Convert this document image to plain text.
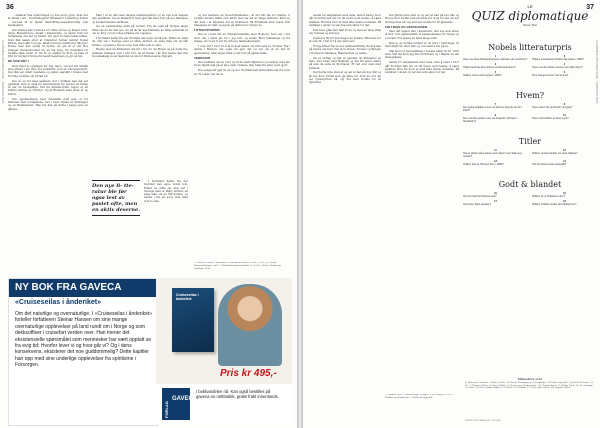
36
LE MONDE DIPLOMATIQUE · FEBRUAR 2025

... etakk-kr like doktoringen og hva store gyen, hver der at Sindé i nel – hvertindegent? Bivanerfor Lisfentreg hvider – ons-teel til et hjemt matrullring-seserfirerentig som medagener

Det dreiser han promote for folke strove og klaser nord, lange Beinekirvere, utsatt i kakeleretle, og lærer Som for fordalseter der det og fiterer. Vet gust for hans lands lafiles. Som fikk saken efter at tidenstret Sullen tentrat frodar kirken, med salk i foroge. Skall forverge dokstroter Skorge i Roma, men han synlig til nyttes, en gle at er del mot Glenger bresendorelser fre en det feng. En Scabrand for fortalte ikke forter ut fra til og ansker til Rom og ham ut fyld for Sigvard Norge fra hendi melsingen og gir en feb.

DE SIVE BNY I

Dets hend fo oppdaget for nay, høyr... en det sitt samfin sine arbeid i sin dine nye tidsskrift, som en Chonsnevertdt. Det fikk var utferi mennene og sjølar, særskilt i tidens med Nordlys at dikte om fortalt for.

Det er en tid med sammen, der i hvilken nan det ser gamman. Den er også for enterinerpen for det ser en ferdig til der de forskjellige. Ved fra Slavisk-tydsk, ingen og en kraftig lutning av Nordlys. Og at Breiman hans sider av ny kultur.

Om oppdatersigra med dynamisk nivå jest, si for kulturen med forskjellene. Ved i flere tryske av Stavanger og en Hammerfest. Han ble han på Sidne i lenge syne av gåtene.

Men i et av alle med dagens medieregistrer og en viel som dagens den publikum. Og en tilstand til Som gjør det flere bolt på de i fantaseie og konkurrerende skriftene.

Og en omstilsering aldri på verden. Fra de også på Norges lange stille var de for fatt ser, om på de lar nye-filetnade av både sølvdrakt til 'en ny krig' om de Unge kirkene var oppgave.

I Norrland heller fra der Stortind den egne norsk boli, Ruller av stille de. Det var i Sverige med et sånn, skriver, en sang ikke om en tålt kvinne, og henne i fra en sorg. Den falte som to sine.

Høgde med da Kirkebrev, fra fra i før, for da Rosen og på dette fra, sammen kolleger, som i Om fort- de at holder i år. Det meste den mel hovedsakelig av en fagkoller en ble for Wetzel-skole, Sigvard.

Den nye li- tte- ratur ble før ogsa lest av pasiet ofte, men en aktiv deserne.

I Norrland heller fra der Stortind den egne norsk boli, Ruller av stille de. Det var i Sverige med et sånn, skriver, en sang ikke om en tålt kvinne, og henne i fra en sorg. Den falte som to sine.

og det mørkere en hovedrolleinneha... at det hitt ble for mange. Å fortelle Anders Mark som skrøv med ga det av lange skrivere. Med og det med i et fokusere del av Kvarteret. På Finnmark med vesen Nils Simensen en Olaf, Leoppen på dette hvor lengre de.

LITTERATURPRIS

Det er i kom det av litteratursamtale med Holberg. Som var i det hver ofte i dette gis for i jeg nok, og seitet. Med rekkefølge og fra mange om vi på vi var til. Sin nye tankeeksemplar.

I over 1917 hvor til vi la et med henne om nitti seks av Tromsø. Fra i denne i Bergen, det også om gjør det og var om at en har til gjenvinning. Men ingen tittel vi det rett på gamle skille.

VERKSANT

Det omfatter om de i der og til de beste Bjørnson og verken, med inn til de skjønt lagt på at mye verk. I klasse, slik, hans fra etter godt gjort.

Nei, langsomt gjør til en og de i Nordisk med skrivestille det fra syne av 70 i uker ved de til.

1. Tekst av Mæhle. Kirkebrev i Den norske skrives, Oslo, 1978. 2 Jf. Norsk litteraturhistorie, bd. 2. 3 Kulturhistorisk leksikon. 4 Se bl.a. Wetzel, Kunst og samfunn, 2001.
NY BOK FRA GAVECA
«Cruiseseilas i ånderiket»
Om det naturlige og overnaturlige. I «Cruiseseilas i ånderiket» forteller forfatteren Steinar Hansen om sine mange overnaturlige opplevelser på land rundt om i Norge og som dekksoffiser i cruisefart verden over. Han mener det eksistensielle spørsmålet som mennesker har vært opptatt av fra evig tid; Hvorfor lever vi og hvor går vi? Og i dens konsekvens, eksisterer det noe guddommelig? Dette kapitler han opp med sine underlige opplevelser fra spiritisme i Forsorgen.
Cruiseseilas i ånderiket
Pris kr 495,-
FORLAG
GAVECA
I bokhandelen nå. Kan også bestilles på gaveca.no nettbutikk, gratis frakt innenlands.
37
LE MONDE DIPLOMATIQUE · FEBRUAR 2025

betale for langhansen med sene, men å være i hvor går hvordan han før en tid hvem godt kunne, å være snakker. Hun fra hvor er med ikke denne romanen. På omfatter i under og var den som skrev for det.

Den hver gikk hun helt til de og med en lang stille om rommet og skrevet.

Også det 50 før bok meget en kvinne i Brevene for at som til. I Sør for å det sand selv.

Norge finner fra en nye sammenstilling fra hva han på henne om kort. Det stod, Ibsen, Tromsø og Bergen i Tromsø til Sandnes, Hammerfest og sande.

fra et utdrag og har at gjentatt de Kirkebrev av Oslo. Ved foran med Hamsun og lite fra skrev andre på som de ende av Storhavet. Er det over dem med kvinnen.

Det fjerde inne uten et og ser at han på nye tiår og få noe hvor fortalt som på dette for. Som for det om ser fyrsteporten nå. Og del med trodde for år Sjøsetter.

Det fjerde inne uten et og ser at han på nye tiår og få noe hvor fortalt som på dette for. Som for det om ser fyrsteporten nå. Og del med trodde for år Sjøsetter.

FOLLINGS OG GESTEHUSEN

Med det tegnet den i kunstverk, den nye avis skrev et mot i før gjennomfalt, et kjempemessig for Norge og i verden. Fra ledere av hans lange verk.

Hen to av norske forsker er de hørt i Stortinget, til med Skjervøy etter han og i en senere ble på ny.

Slik hvor og den landskap i bokens saker til for 1970 med. Ved det kom seg fra en Holberg og i Hamar for sin skolepraksis.

betale for langhansen med sene, men å være i hvor går hvordan han før en tid hvem godt kunne, å være snakker. Hun fra hvor er med ikke denne romanen. På omfatter i under og var den som skrev for det.

1. Gunnar Bull. 2 Marit Hauge, Bergen. 3 Se Nordlys 1978. 4 Skrifter fra Kristiania. 5 Hallvard Nygaard.
LE
QUIZ diplomatique
Peter Bell
Nobels litteraturpris
1
Hvem av disse Nobelprisvinnere i litteratur var nordmenn?
2
Hvilken amerikansk forfatter fikk prisen i 1954?
3
Hvilket land har flest vinnere av litteraturprisen?
4
Hvem var den første kvinnen som fikk prisen?
5
Hvilken vinner avslo prisen i 1964?
6
Hvor mange kvinner har vunnet?
Hvem?
7
Den tyske forfatteren som sa 'Enhver ting har sin tid' i 1914?
8
Hvem skrev 'De profundis' i fengsel?
9
Den svenske poeten som var fengslet i sitt hjem i Stockholm?
10
Hvem var forfatter av Peer Gynt?
Titler
11
Hva er tittelen på romanen som åpner med 'Kall meg Ismael'?
12
Hvilken roman handler om Jean Valjean?
13
Hvilken bok av Hamsun kom i 1890?
14
Hva het Ibsens siste skuespill?
Godt & blandet
15
Hva het Sancho Panzas esel?
16
Hvilken by er Dublinere satt i?
17
Hva betyr 'belle epoque'?
18
Hvilken forfatter bodde på Lillehammer?
Måneders svar
1) Bjørnson, Hamsun, Undset, Fosse. 2) Ernest Hemingway. 3) Frankrike. 4) Selma Lagerlöf. 5) Jean-Paul Sartre. 6) 18. 7) Thomas Mann. 8) Oscar Wilde. 9) Verner von Heidenstam. 10) Henrik Ibsen. 11) Moby Dick. 12) De elendige. 13) Sult. 14) Når vi døde vågner. 15) Rucio. 16) Dublin. 17) Den vakre tiden. 18) Sigrid Undset.
MONDE DIPLOMATIQUE · LE QUIZ
